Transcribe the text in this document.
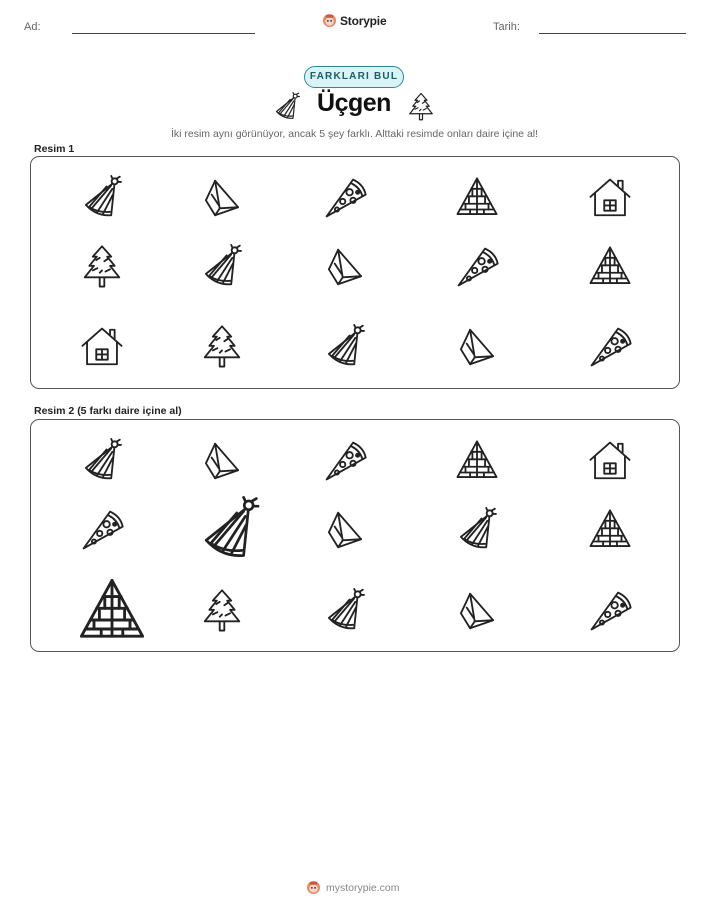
Ad:	Storypie	Tarih:
FARKLARI BUL
Üçgen
İki resim aynı görünüyor, ancak 5 şey farklı. Alttaki resimde onları daire içine al!
Resim 1
Resim 2 (5 farkı daire içine al)
mystorypie.com
